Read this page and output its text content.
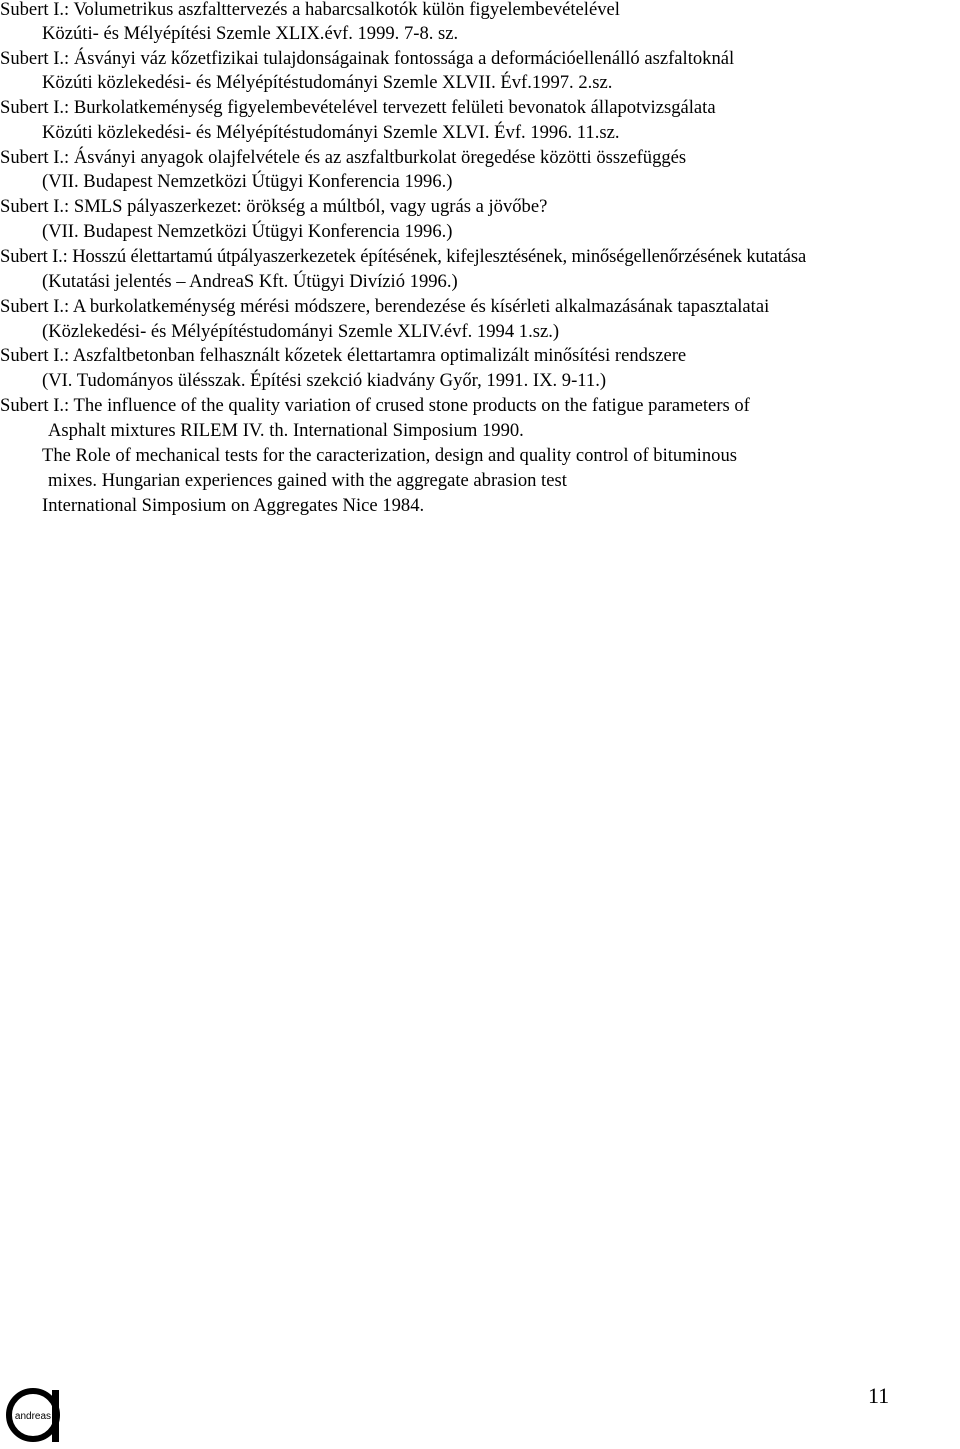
Subert I.: Volumetrikus aszfalttervezés a habarcsalkotók külön figyelembevételével
Közúti- és Mélyépítési Szemle XLIX.évf. 1999. 7-8. sz.
Subert I.: Ásványi váz kőzetfizikai tulajdonságainak fontossága a deformációellenálló aszfaltoknál
Közúti közlekedési- és Mélyépítéstudományi Szemle XLVII. Évf.1997. 2.sz.
Subert I.: Burkolatkeménység figyelembevételével tervezett felületi bevonatok állapotvizsgálata
Közúti közlekedési- és Mélyépítéstudományi Szemle XLVI. Évf. 1996. 11.sz.
Subert I.: Ásványi anyagok olajfelvétele és az aszfaltburkolat öregedése közötti összefüggés
(VII. Budapest Nemzetközi Útügyi Konferencia 1996.)
Subert I.: SMLS pályaszerkezet: örökség a múltból, vagy ugrás a jövőbe?
(VII. Budapest Nemzetközi Útügyi Konferencia 1996.)
Subert I.: Hosszú élettartamú útpályaszerkezetek építésének, kifejlesztésének, minőségellenőrzésének kutatása
(Kutatási jelentés – AndreaS Kft. Útügyi Divízió 1996.)
Subert I.: A burkolatkeménység mérési módszere, berendezése és kísérleti alkalmazásának tapasztalatai
(Közlekedési- és Mélyépítéstudományi Szemle XLIV.évf. 1994 1.sz.)
Subert I.: Aszfaltbetonban felhasznált kőzetek élettartamra optimalizált minősítési rendszere
(VI. Tudományos ülésszak. Építési szekció kiadvány Győr, 1991. IX. 9-11.)
Subert I.: The influence of the quality variation of crused stone products on the fatigue parameters of
Asphalt mixtures RILEM IV. th. International Simposium 1990.
The Role of mechanical tests for the caracterization, design and quality control of bituminous
mixes. Hungarian experiences gained with the aggregate abrasion test
International Simposium on Aggregates Nice 1984.
andreas
11
